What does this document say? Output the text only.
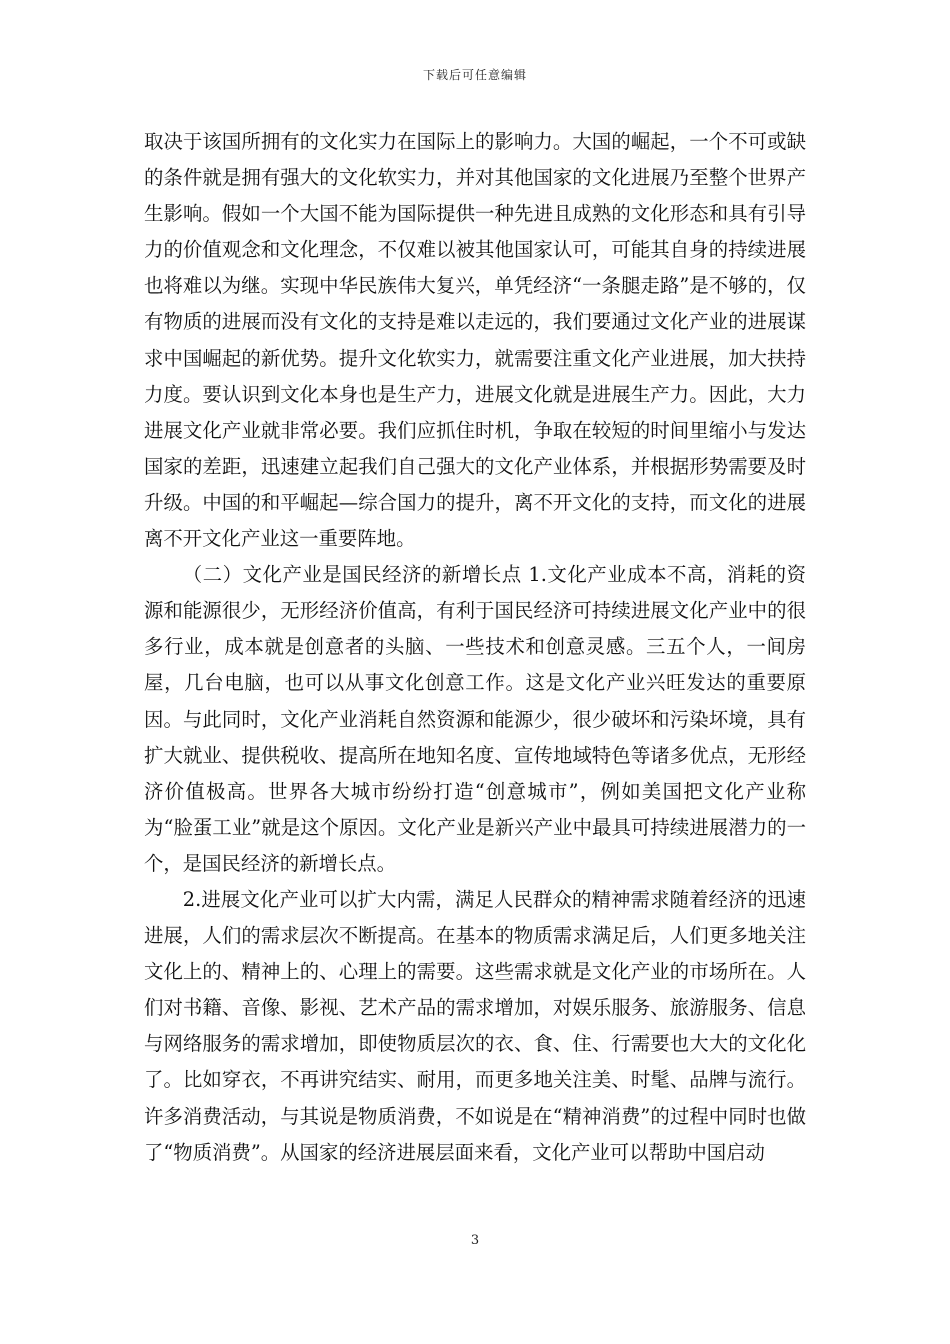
下载后可任意编辑

取决于该国所拥有的文化实力在国际上的影响力。大国的崛起，一个不可或缺的条件就是拥有强大的文化软实力，并对其他国家的文化进展乃至整个世界产生影响。假如一个大国不能为国际提供一种先进且成熟的文化形态和具有引导力的价值观念和文化理念，不仅难以被其他国家认可，可能其自身的持续进展也将难以为继。实现中华民族伟大复兴，单凭经济“一条腿走路”是不够的，仅有物质的进展而没有文化的支持是难以走远的，我们要通过文化产业的进展谋求中国崛起的新优势。提升文化软实力，就需要注重文化产业进展，加大扶持力度。要认识到文化本身也是生产力，进展文化就是进展生产力。因此，大力进展文化产业就非常必要。我们应抓住时机，争取在较短的时间里缩小与发达国家的差距，迅速建立起我们自己强大的文化产业体系，并根据形势需要及时升级。中国的和平崛起—综合国力的提升，离不开文化的支持，而文化的进展离不开文化产业这一重要阵地。

（二）文化产业是国民经济的新增长点 1.文化产业成本不高，消耗的资源和能源很少，无形经济价值高，有利于国民经济可持续进展文化产业中的很多行业，成本就是创意者的头脑、一些技术和创意灵感。三五个人，一间房屋，几台电脑，也可以从事文化创意工作。这是文化产业兴旺发达的重要原因。与此同时，文化产业消耗自然资源和能源少，很少破坏和污染坏境，具有扩大就业、提供税收、提高所在地知名度、宣传地域特色等诸多优点，无形经济价值极高。世界各大城市纷纷打造“创意城市”，例如美国把文化产业称为“脸蛋工业”就是这个原因。文化产业是新兴产业中最具可持续进展潜力的一个，是国民经济的新增长点。

2.进展文化产业可以扩大内需，满足人民群众的精神需求随着经济的迅速进展，人们的需求层次不断提高。在基本的物质需求满足后，人们更多地关注文化上的、精神上的、心理上的需要。这些需求就是文化产业的市场所在。人们对书籍、音像、影视、艺术产品的需求增加，对娱乐服务、旅游服务、信息与网络服务的需求增加，即使物质层次的衣、食、住、行需要也大大的文化化了。比如穿衣，不再讲究结实、耐用，而更多地关注美、时髦、品牌与流行。许多消费活动，与其说是物质消费，不如说是在“精神消费”的过程中同时也做了“物质消费”。从国家的经济进展层面来看，文化产业可以帮助中国启动

3
